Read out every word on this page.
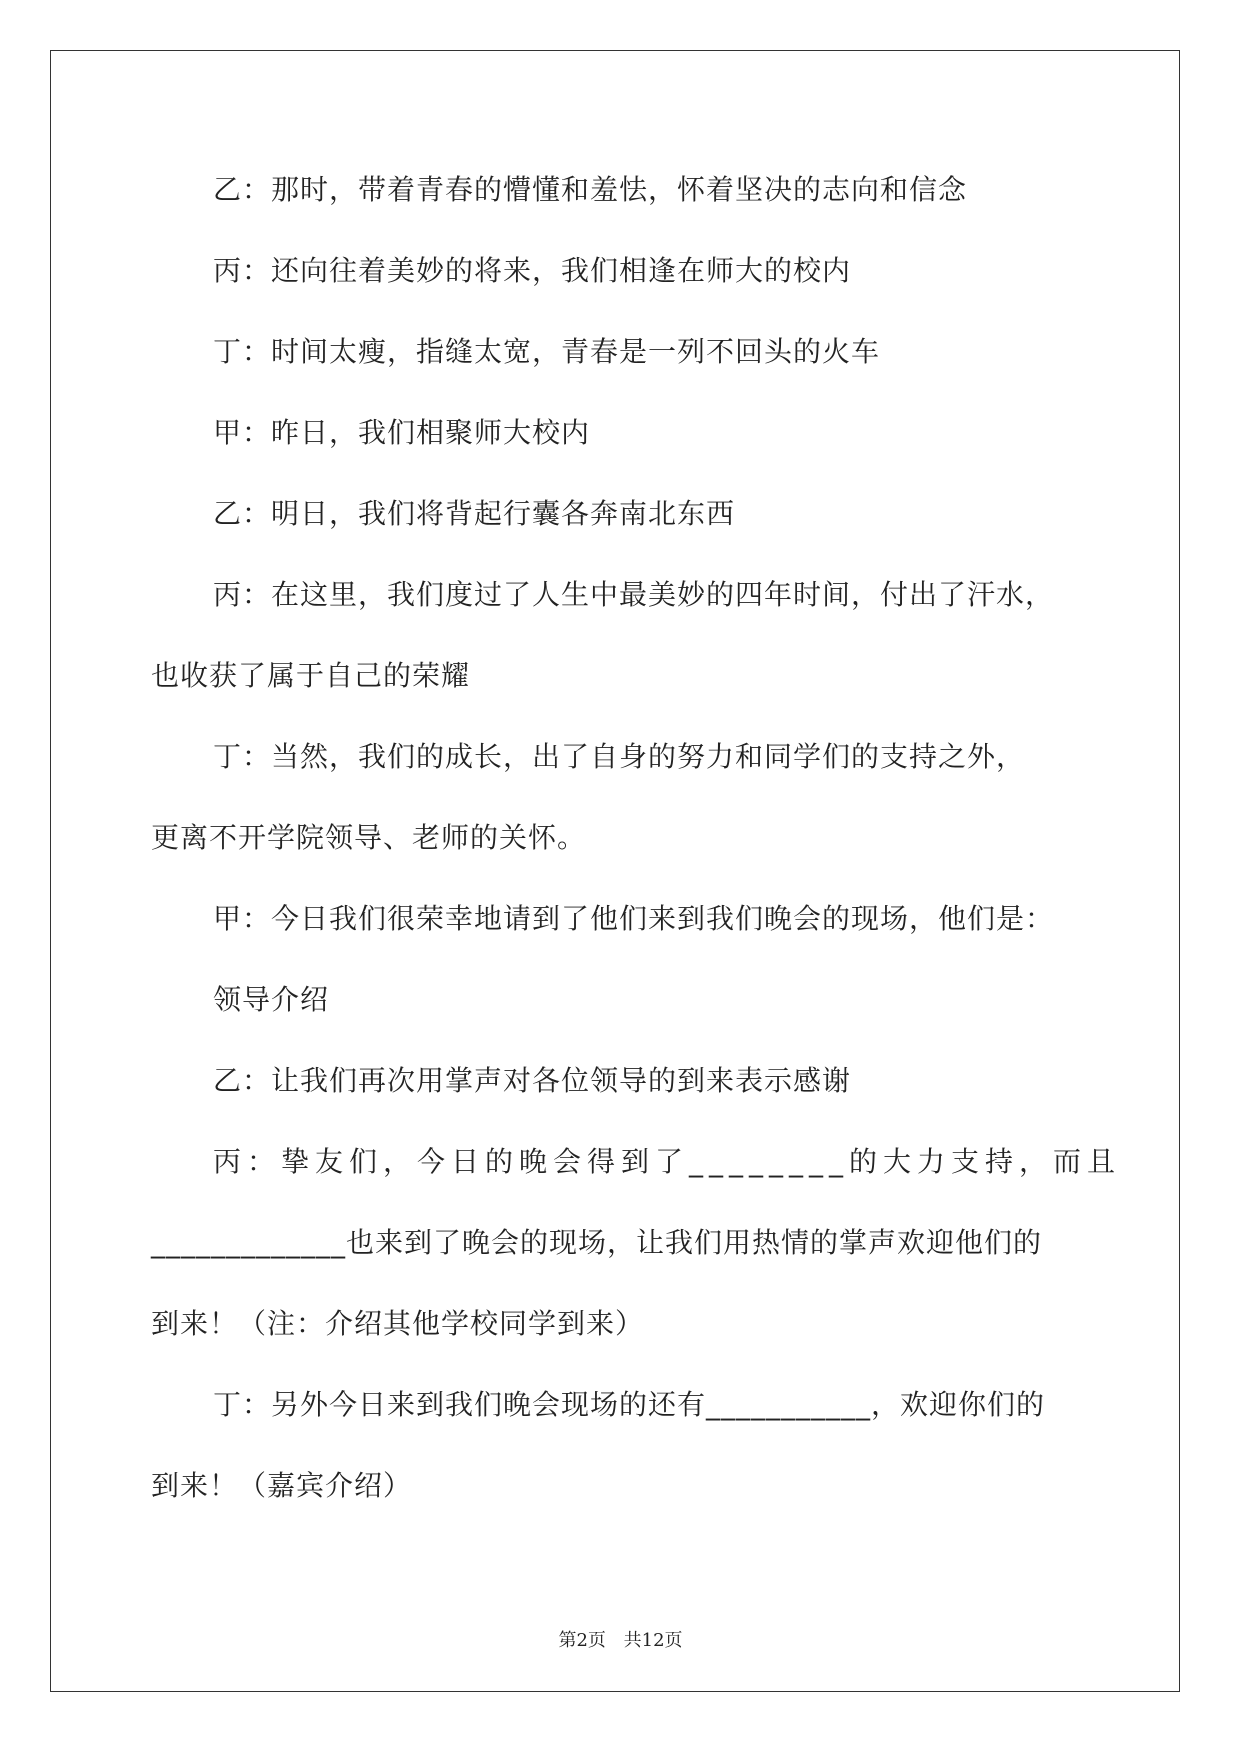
乙：那时，带着青春的懵懂和羞怯，怀着坚决的志向和信念
丙：还向往着美妙的将来，我们相逢在师大的校内
丁：时间太瘦，指缝太宽，青春是一列不回头的火车
甲：昨日，我们相聚师大校内
乙：明日，我们将背起行囊各奔南北东西
丙：在这里，我们度过了人生中最美妙的四年时间，付出了汗水，
也收获了属于自己的荣耀
丁：当然，我们的成长，出了自身的努力和同学们的支持之外，
更离不开学院领导、老师的关怀。
甲：今日我们很荣幸地请到了他们来到我们晚会的现场，他们是：
领导介绍
乙：让我们再次用掌声对各位领导的到来表示感谢
丙：挚友们，今日的晚会得到了________的大力支持，而且
_____________也来到了晚会的现场，让我们用热情的掌声欢迎他们的
到来！（注：介绍其他学校同学到来）
丁：另外今日来到我们晚会现场的还有___________，欢迎你们的
到来！（嘉宾介绍）
第2页 共12页
